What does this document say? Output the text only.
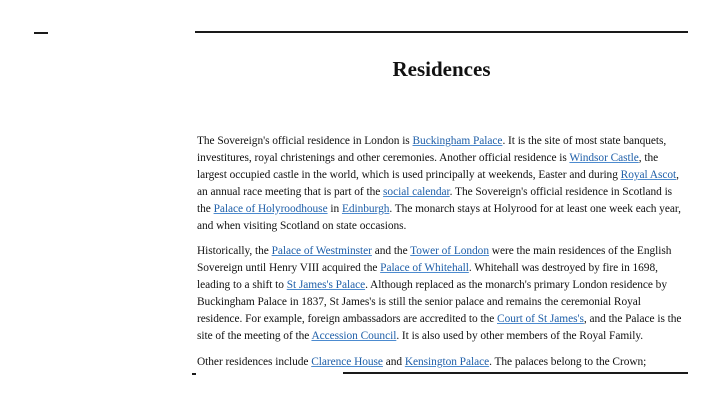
Residences

The Sovereign's official residence in London is Buckingham Palace. It is the site of most state banquets, investitures, royal christenings and other ceremonies. Another official residence is Windsor Castle, the largest occupied castle in the world, which is used principally at weekends, Easter and during Royal Ascot, an annual race meeting that is part of the social calendar. The Sovereign's official residence in Scotland is the Palace of Holyroodhouse in Edinburgh. The monarch stays at Holyrood for at least one week each year, and when visiting Scotland on state occasions.

Historically, the Palace of Westminster and the Tower of London were the main residences of the English Sovereign until Henry VIII acquired the Palace of Whitehall. Whitehall was destroyed by fire in 1698, leading to a shift to St James's Palace. Although replaced as the monarch's primary London residence by Buckingham Palace in 1837, St James's is still the senior palace and remains the ceremonial Royal residence. For example, foreign ambassadors are accredited to the Court of St James's, and the Palace is the site of the meeting of the Accession Council. It is also used by other members of the Royal Family.

Other residences include Clarence House and Kensington Palace. The palaces belong to the Crown;
